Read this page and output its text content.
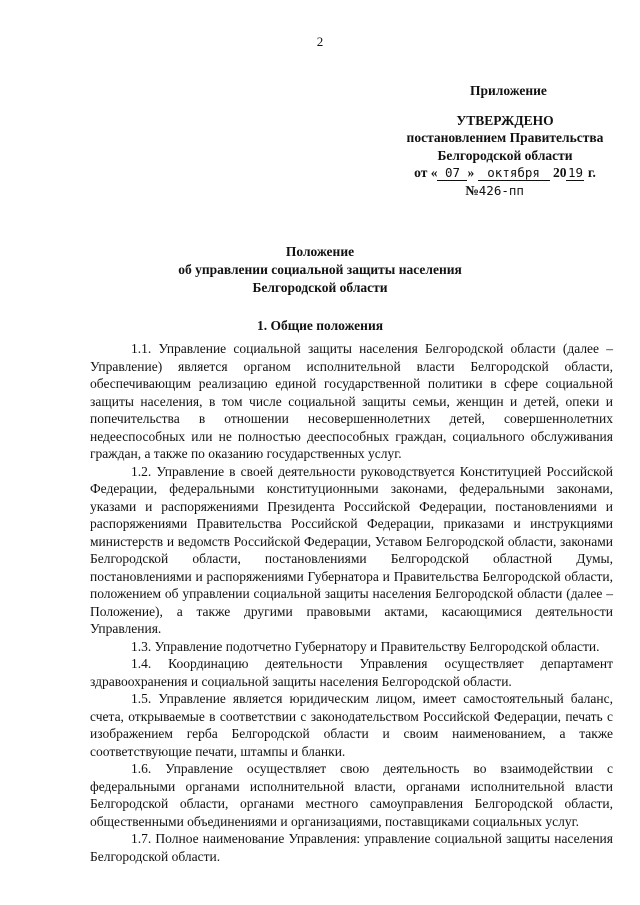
2
Приложение
УТВЕРЖДЕНО
постановлением Правительства
Белгородской области
от « 07 » октября 2019 г.
№426-пп
Положение
об управлении социальной защиты населения
Белгородской области
1. Общие положения

1.1. Управление социальной защиты населения Белгородской области (далее – Управление) является органом исполнительной власти Белгородской области, обеспечивающим реализацию единой государственной политики в сфере социальной защиты населения, в том числе социальной защиты семьи, женщин и детей, опеки и попечительства в отношении несовершеннолетних детей, совершеннолетних недееспособных или не полностью дееспособных граждан, социального обслуживания граждан, а также по оказанию государственных услуг.

1.2. Управление в своей деятельности руководствуется Конституцией Российской Федерации, федеральными конституционными законами, федеральными законами, указами и распоряжениями Президента Российской Федерации, постановлениями и распоряжениями Правительства Российской Федерации, приказами и инструкциями министерств и ведомств Российской Федерации, Уставом Белгородской области, законами Белгородской области, постановлениями Белгородской областной Думы, постановлениями и распоряжениями Губернатора и Правительства Белгородской области, положением об управлении социальной защиты населения Белгородской области (далее – Положение), а также другими правовыми актами, касающимися деятельности Управления.

1.3. Управление подотчетно Губернатору и Правительству Белгородской области.

1.4. Координацию деятельности Управления осуществляет департамент здравоохранения и социальной защиты населения Белгородской области.

1.5. Управление является юридическим лицом, имеет самостоятельный баланс, счета, открываемые в соответствии с законодательством Российской Федерации, печать с изображением герба Белгородской области и своим наименованием, а также соответствующие печати, штампы и бланки.

1.6. Управление осуществляет свою деятельность во взаимодействии с федеральными органами исполнительной власти, органами исполнительной власти Белгородской области, органами местного самоуправления Белгородской области, общественными объединениями и организациями, поставщиками социальных услуг.

1.7. Полное наименование Управления: управление социальной защиты населения Белгородской области.
